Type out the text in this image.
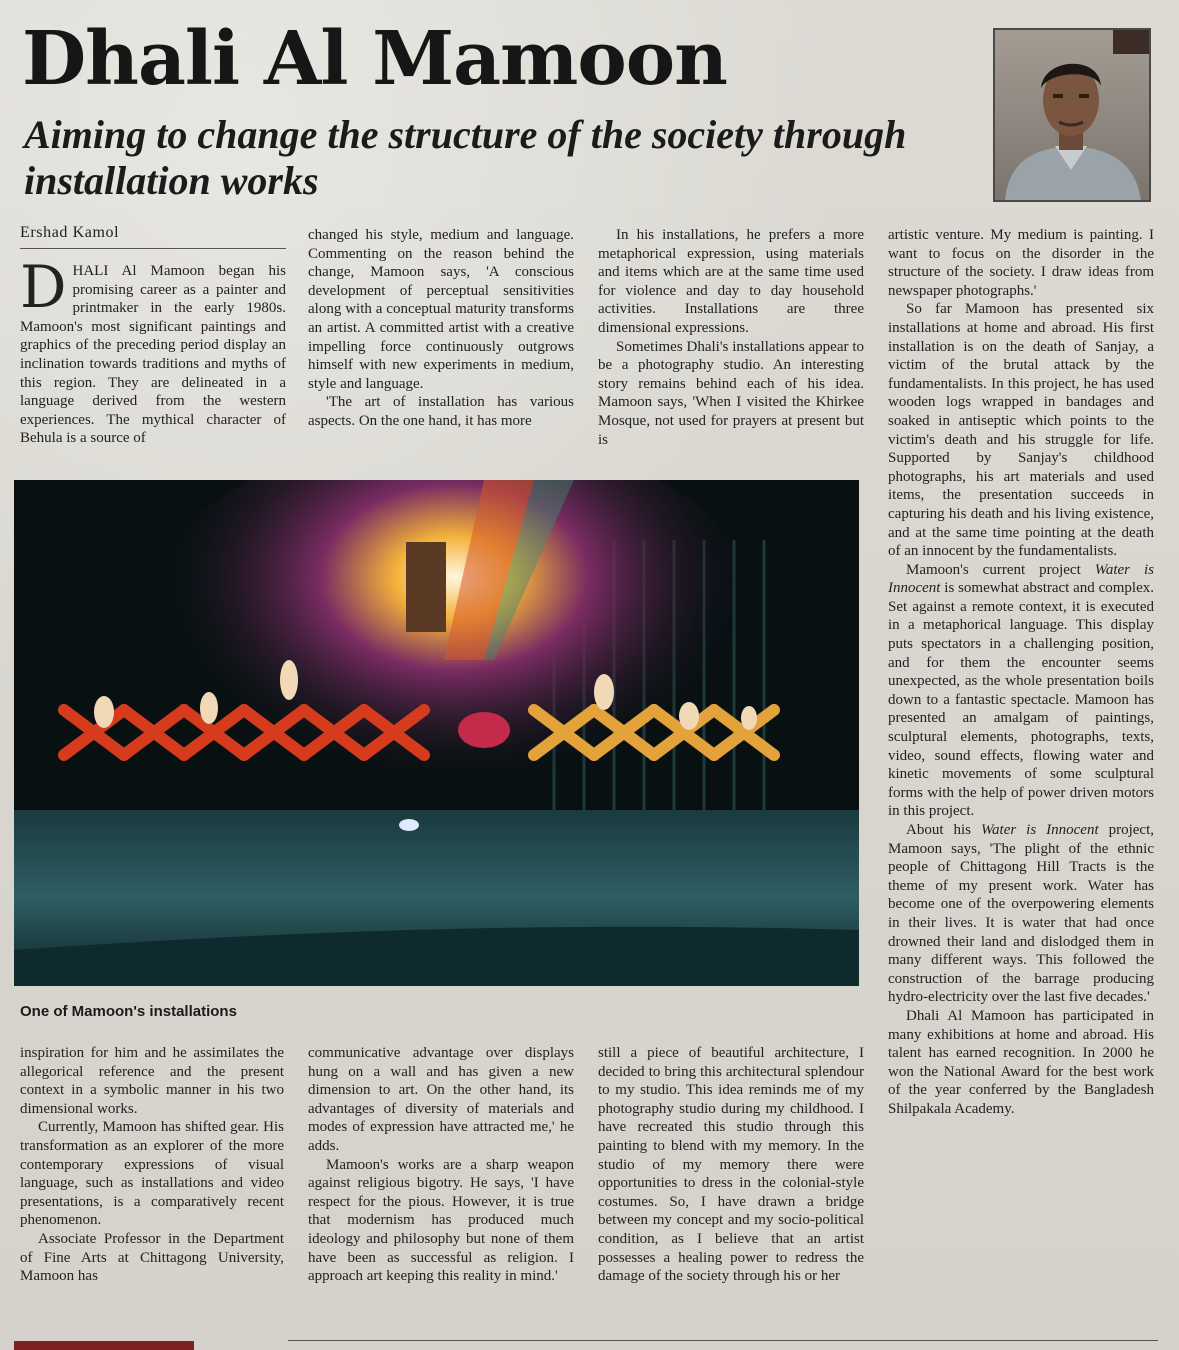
Dhali Al Mamoon
Aiming to change the structure of the society through installation works
Ershad Kamol

DHALI Al Mamoon began his promising career as a painter and printmaker in the early 1980s. Mamoon's most significant paintings and graphics of the preceding period display an inclination towards traditions and myths of this region. They are delineated in a language derived from the western experiences. The mythical character of Behula is a source of

changed his style, medium and language. Commenting on the reason behind the change, Mamoon says, 'A conscious development of perceptual sensitivities along with a conceptual maturity transforms an artist. A committed artist with a creative impelling force continuously outgrows himself with new experiments in medium, style and language.

'The art of installation has various aspects. On the one hand, it has more

In his installations, he prefers a more metaphorical expression, using materials and items which are at the same time used for violence and day to day household activities. Installations are three dimensional expressions.

Sometimes Dhali's installations appear to be a photography studio. An interesting story remains behind each of his idea. Mamoon says, 'When I visited the Khirkee Mosque, not used for prayers at present but is

One of Mamoon's installations

inspiration for him and he assimilates the allegorical reference and the present context in a symbolic manner in his two dimensional works.

Currently, Mamoon has shifted gear. His transformation as an explorer of the more contemporary expressions of visual language, such as installations and video presentations, is a comparatively recent phenomenon.

Associate Professor in the Department of Fine Arts at Chittagong University, Mamoon has

communicative advantage over displays hung on a wall and has given a new dimension to art. On the other hand, its advantages of diversity of materials and modes of expression have attracted me,' he adds.

Mamoon's works are a sharp weapon against religious bigotry. He says, 'I have respect for the pious. However, it is true that modernism has produced much ideology and philosophy but none of them have been as successful as religion. I approach art keeping this reality in mind.'

still a piece of beautiful architecture, I decided to bring this architectural splendour to my studio. This idea reminds me of my photography studio during my childhood. I have recreated this studio through this painting to blend with my memory. In the studio of my memory there were opportunities to dress in the colonial-style costumes. So, I have drawn a bridge between my concept and my socio-political condition, as I believe that an artist possesses a healing power to redress the damage of the society through his or her

artistic venture. My medium is painting. I want to focus on the disorder in the structure of the society. I draw ideas from newspaper photographs.'

So far Mamoon has presented six installations at home and abroad. His first installation is on the death of Sanjay, a victim of the brutal attack by the fundamentalists. In this project, he has used wooden logs wrapped in bandages and soaked in antiseptic which points to the victim's death and his struggle for life. Supported by Sanjay's childhood photographs, his art materials and used items, the presentation succeeds in capturing his death and his living existence, and at the same time pointing at the death of an innocent by the fundamentalists.

Mamoon's current project Water is Innocent is somewhat abstract and complex. Set against a remote context, it is executed in a metaphorical language. This display puts spectators in a challenging position, and for them the encounter seems unexpected, as the whole presentation boils down to a fantastic spectacle. Mamoon has presented an amalgam of paintings, sculptural elements, photographs, texts, video, sound effects, flowing water and kinetic movements of some sculptural forms with the help of power driven motors in this project.

About his Water is Innocent project, Mamoon says, 'The plight of the ethnic people of Chittagong Hill Tracts is the theme of my present work. Water has become one of the overpowering elements in their lives. It is water that had once drowned their land and dislodged them in many different ways. This followed the construction of the barrage producing hydro-electricity over the last five decades.'

Dhali Al Mamoon has participated in many exhibitions at home and abroad. His talent has earned recognition. In 2000 he won the National Award for the best work of the year conferred by the Bangladesh Shilpakala Academy.
